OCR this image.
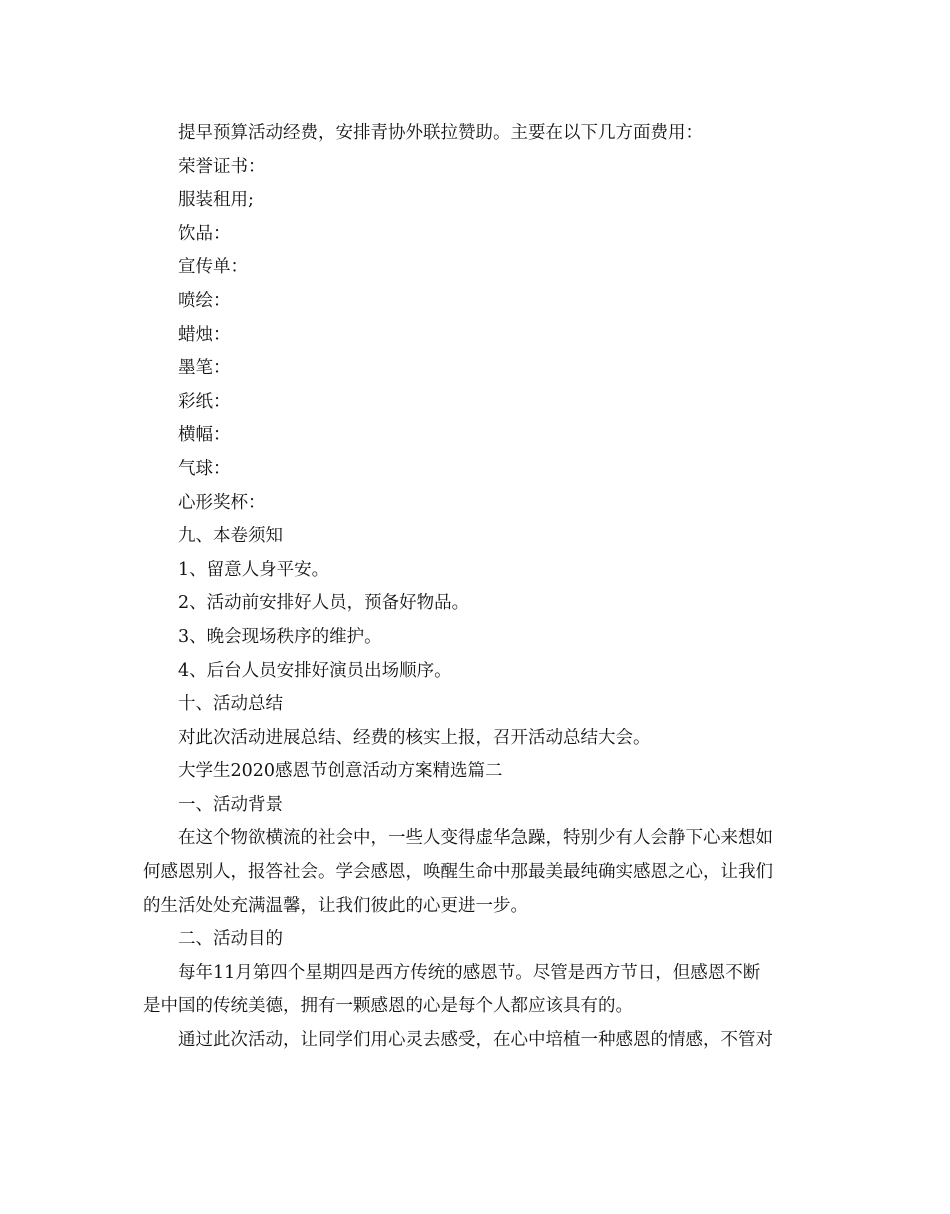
提早预算活动经费，安排青协外联拉赞助。主要在以下几方面费用：
荣誉证书：
服装租用;
饮品：
宣传单：
喷绘：
蜡烛：
墨笔：
彩纸：
横幅：
气球：
心形奖杯：
九、本卷须知
1、留意人身平安。
2、活动前安排好人员，预备好物品。
3、晚会现场秩序的维护。
4、后台人员安排好演员出场顺序。
十、活动总结
对此次活动进展总结、经费的核实上报，召开活动总结大会。
大学生2020感恩节创意活动方案精选篇二
一、活动背景
在这个物欲横流的社会中，一些人变得虚华急躁，特别少有人会静下心来想如
何感恩别人，报答社会。学会感恩，唤醒生命中那最美最纯确实感恩之心，让我们
的生活处处充满温馨，让我们彼此的心更进一步。
二、活动目的
每年11月第四个星期四是西方传统的感恩节。尽管是西方节日，但感恩不断
是中国的传统美德，拥有一颗感恩的心是每个人都应该具有的。
通过此次活动，让同学们用心灵去感受，在心中培植一种感恩的情感，不管对
